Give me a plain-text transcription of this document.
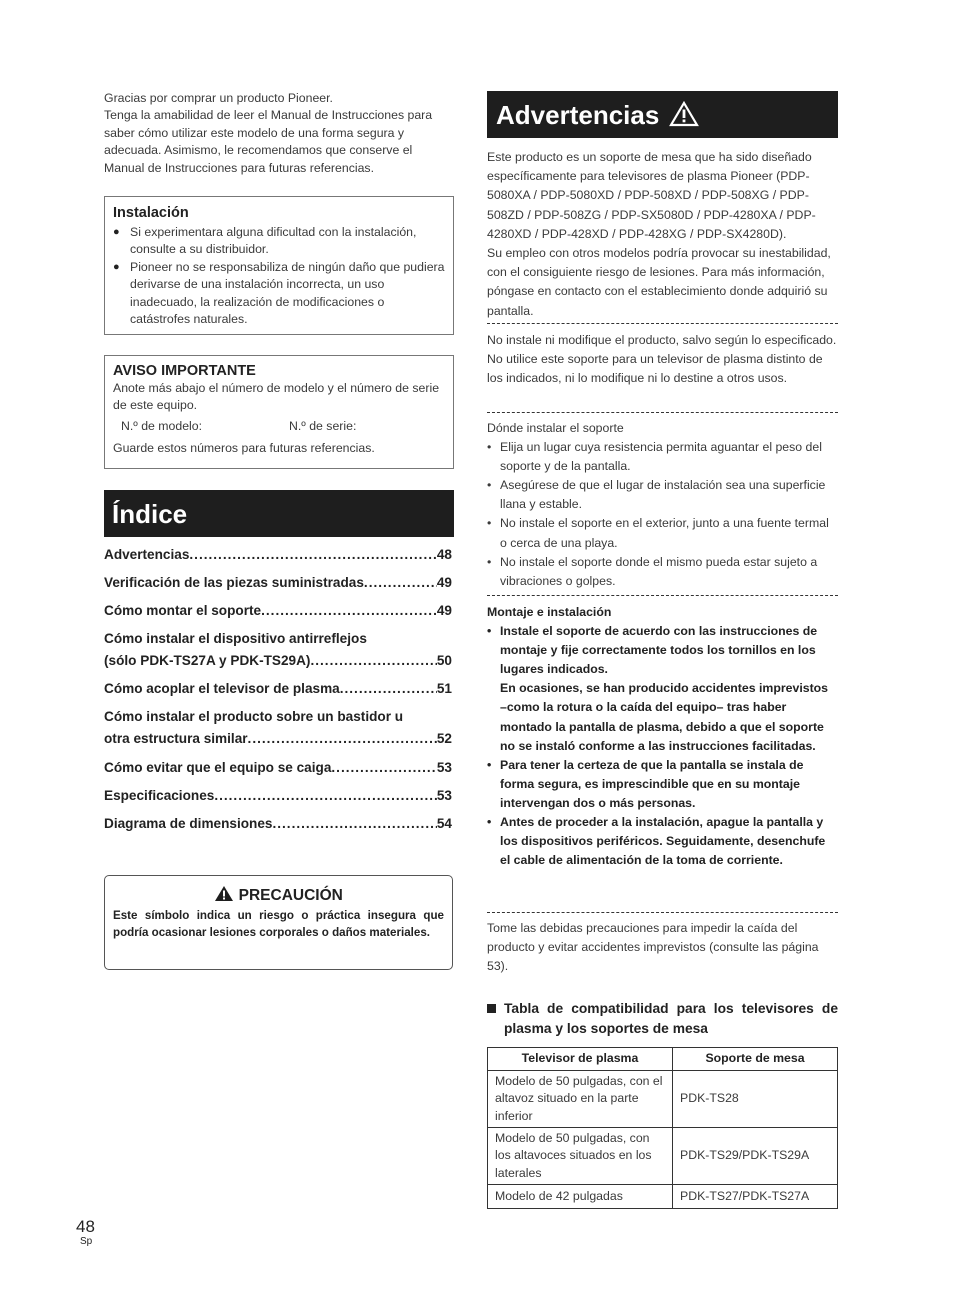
Gracias por comprar un producto Pioneer.
Tenga la amabilidad de leer el Manual de Instrucciones para saber cómo utilizar este modelo de una forma segura y adecuada. Asimismo, le recomendamos que conserve el Manual de Instrucciones para futuras referencias.
Instalación
● Si experimentara alguna dificultad con la instalación, consulte a su distribuidor.
● Pioneer no se responsabiliza de ningún daño que pudiera derivarse de una instalación incorrecta, un uso inadecuado, la realización de modificaciones o catástrofes naturales.
AVISO IMPORTANTE
Anote más abajo el número de modelo y el número de serie de este equipo.
N.º de modelo:	N.º de serie:
Guarde estos números para futuras referencias.
Índice
Advertencias .....	48
Verificación de las piezas suministradas .....	49
Cómo montar el soporte .....	49
Cómo instalar el dispositivo antirreflejos
(sólo PDK-TS27A y PDK-TS29A) .....	50
Cómo acoplar el televisor de plasma .....	51
Cómo instalar el producto sobre un bastidor u
otra estructura similar .....	52
Cómo evitar que el equipo se caiga .....	53
Especificaciones .....	53
Diagrama de dimensiones .....	54
PRECAUCIÓN
Este símbolo indica un riesgo o práctica insegura que podría ocasionar lesiones corporales o daños materiales.
Advertencias
Este producto es un soporte de mesa que ha sido diseñado específicamente para televisores de plasma Pioneer (PDP-5080XA / PDP-5080XD / PDP-508XD / PDP-508XG / PDP-508ZD / PDP-508ZG / PDP-SX5080D / PDP-4280XA / PDP-4280XD / PDP-428XD / PDP-428XG / PDP-SX4280D).
Su empleo con otros modelos podría provocar su inestabilidad, con el consiguiente riesgo de lesiones. Para más información, póngase en contacto con el establecimiento donde adquirió su pantalla.
No instale ni modifique el producto, salvo según lo especificado. No utilice este soporte para un televisor de plasma distinto de los indicados, ni lo modifique ni lo destine a otros usos.
Dónde instalar el soporte
• Elija un lugar cuya resistencia permita aguantar el peso del soporte y de la pantalla.
• Asegúrese de que el lugar de instalación sea una superficie llana y estable.
• No instale el soporte en el exterior, junto a una fuente termal o cerca de una playa.
• No instale el soporte donde el mismo pueda estar sujeto a vibraciones o golpes.
Montaje e instalación
• Instale el soporte de acuerdo con las instrucciones de montaje y fije correctamente todos los tornillos en los lugares indicados.
En ocasiones, se han producido accidentes imprevistos –como la rotura o la caída del equipo– tras haber montado la pantalla de plasma, debido a que el soporte no se instaló conforme a las instrucciones facilitadas.
• Para tener la certeza de que la pantalla se instala de forma segura, es imprescindible que en su montaje intervengan dos o más personas.
• Antes de proceder a la instalación, apague la pantalla y los dispositivos periféricos. Seguidamente, desenchufe el cable de alimentación de la toma de corriente.
Tome las debidas precauciones para impedir la caída del producto y evitar accidentes imprevistos (consulte las página 53).
Tabla de compatibilidad para los televisores de plasma y los soportes de mesa
Televisor de plasma	Soporte de mesa
Modelo de 50 pulgadas, con el altavoz situado en la parte inferior	PDK-TS28
Modelo de 50 pulgadas, con los altavoces situados en los laterales	PDK-TS29/PDK-TS29A
Modelo de 42 pulgadas	PDK-TS27/PDK-TS27A
48
Sp
